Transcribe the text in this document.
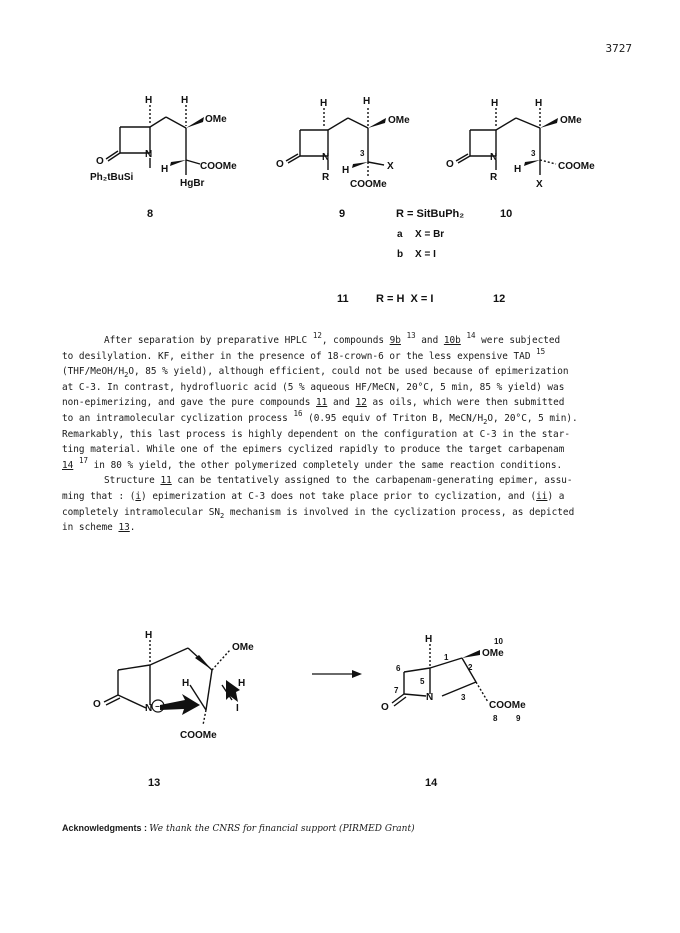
3727
H	H
OMe
N
O
H	COOMe
Ph₂tBuSi
HgBr
8
H	H
OMe
N
O
R
H
3
X
COOMe
9
H	H
OMe
N
O
R
H
3
COOMe
X
R = SitBuPh₂	10
a X = Br
b X = I
11 R = H  X = I	12

After separation by preparative HPLC $^{12}$, compounds 9b $^{13}$ and 10b $^{14}$ were subjected

to desilylation. KF, either in the presence of 18-crown-6 or the less expensive TAD $^{15}$

($THF/MeOH/H_2O$, 85 % yield), although efficient, could not be used because of epimerization

at C-3. In contrast, hydrofluoric acid (5 % aqueous HF/MeCN, 20°C, 5 min, 85 % yield) was

non-epimerizing, and gave the pure compounds 11 and 12 as oils, which were then submitted

to an intramolecular cyclization process $^{16}$ (0.95 equiv of Triton B, MeCN/$H_2O$, 20°C, 5 min).

Remarkably, this last process is highly dependent on the configuration at C-3 in the star-

ting material. While one of the epimers cyclized rapidly to produce the target carbapenam

14 $^{17}$ in 80 % yield, the other polymerized completely under the same reaction conditions.

Structure 11 can be tentatively assigned to the carbapenam-generating epimer, assu-

ming that : (i) epimerization at C-3 does not take place prior to cyclization, and (ii) a

completely intramolecular $SN_2$ mechanism is involved in the cyclization process, as depicted

in scheme 13.

H
OMe
H	H
I
N −
O
COOMe
13
H
OMe
N
O	COOMe
1
2
3
5
6
7
8 9
10
14
Acknowledgments : We thank the CNRS for financial support (PIRMED Grant)
